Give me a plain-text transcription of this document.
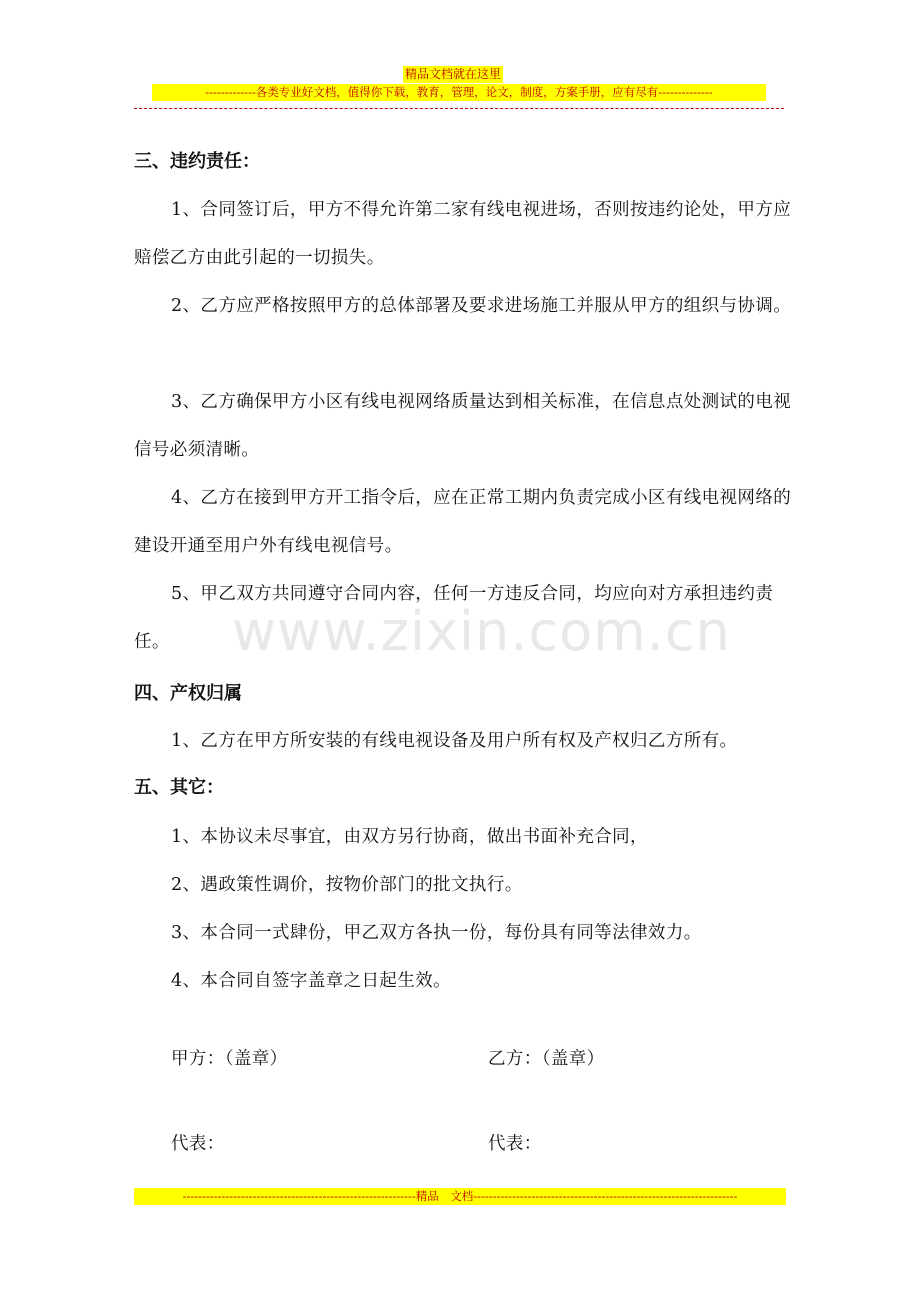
精品文档就在这里
-------------各类专业好文档，值得你下载，教育，管理，论文，制度，方案手册，应有尽有--------------
三、违约责任：
1、合同签订后，甲方不得允许第二家有线电视进场，否则按违约论处，甲方应赔偿乙方由此引起的一切损失。
2、乙方应严格按照甲方的总体部署及要求进场施工并服从甲方的组织与协调。
3、乙方确保甲方小区有线电视网络质量达到相关标准，在信息点处测试的电视信号必须清晰。
4、乙方在接到甲方开工指令后，应在正常工期内负责完成小区有线电视网络的建设开通至用户外有线电视信号。
5、甲乙双方共同遵守合同内容，任何一方违反合同，均应向对方承担违约责任。
四、产权归属
1、乙方在甲方所安装的有线电视设备及用户所有权及产权归乙方所有。
五、其它：
1、本协议未尽事宜，由双方另行协商，做出书面补充合同，
2、遇政策性调价，按物价部门的批文执行。
3、本合同一式肆份，甲乙双方各执一份，每份具有同等法律效力。
4、本合同自签字盖章之日起生效。
甲方：（盖章）	乙方：（盖章）
代表：	代表：
www.zixin.com.cn
------------------------------------------------------------精品　文档--------------------------------------------------------------------
